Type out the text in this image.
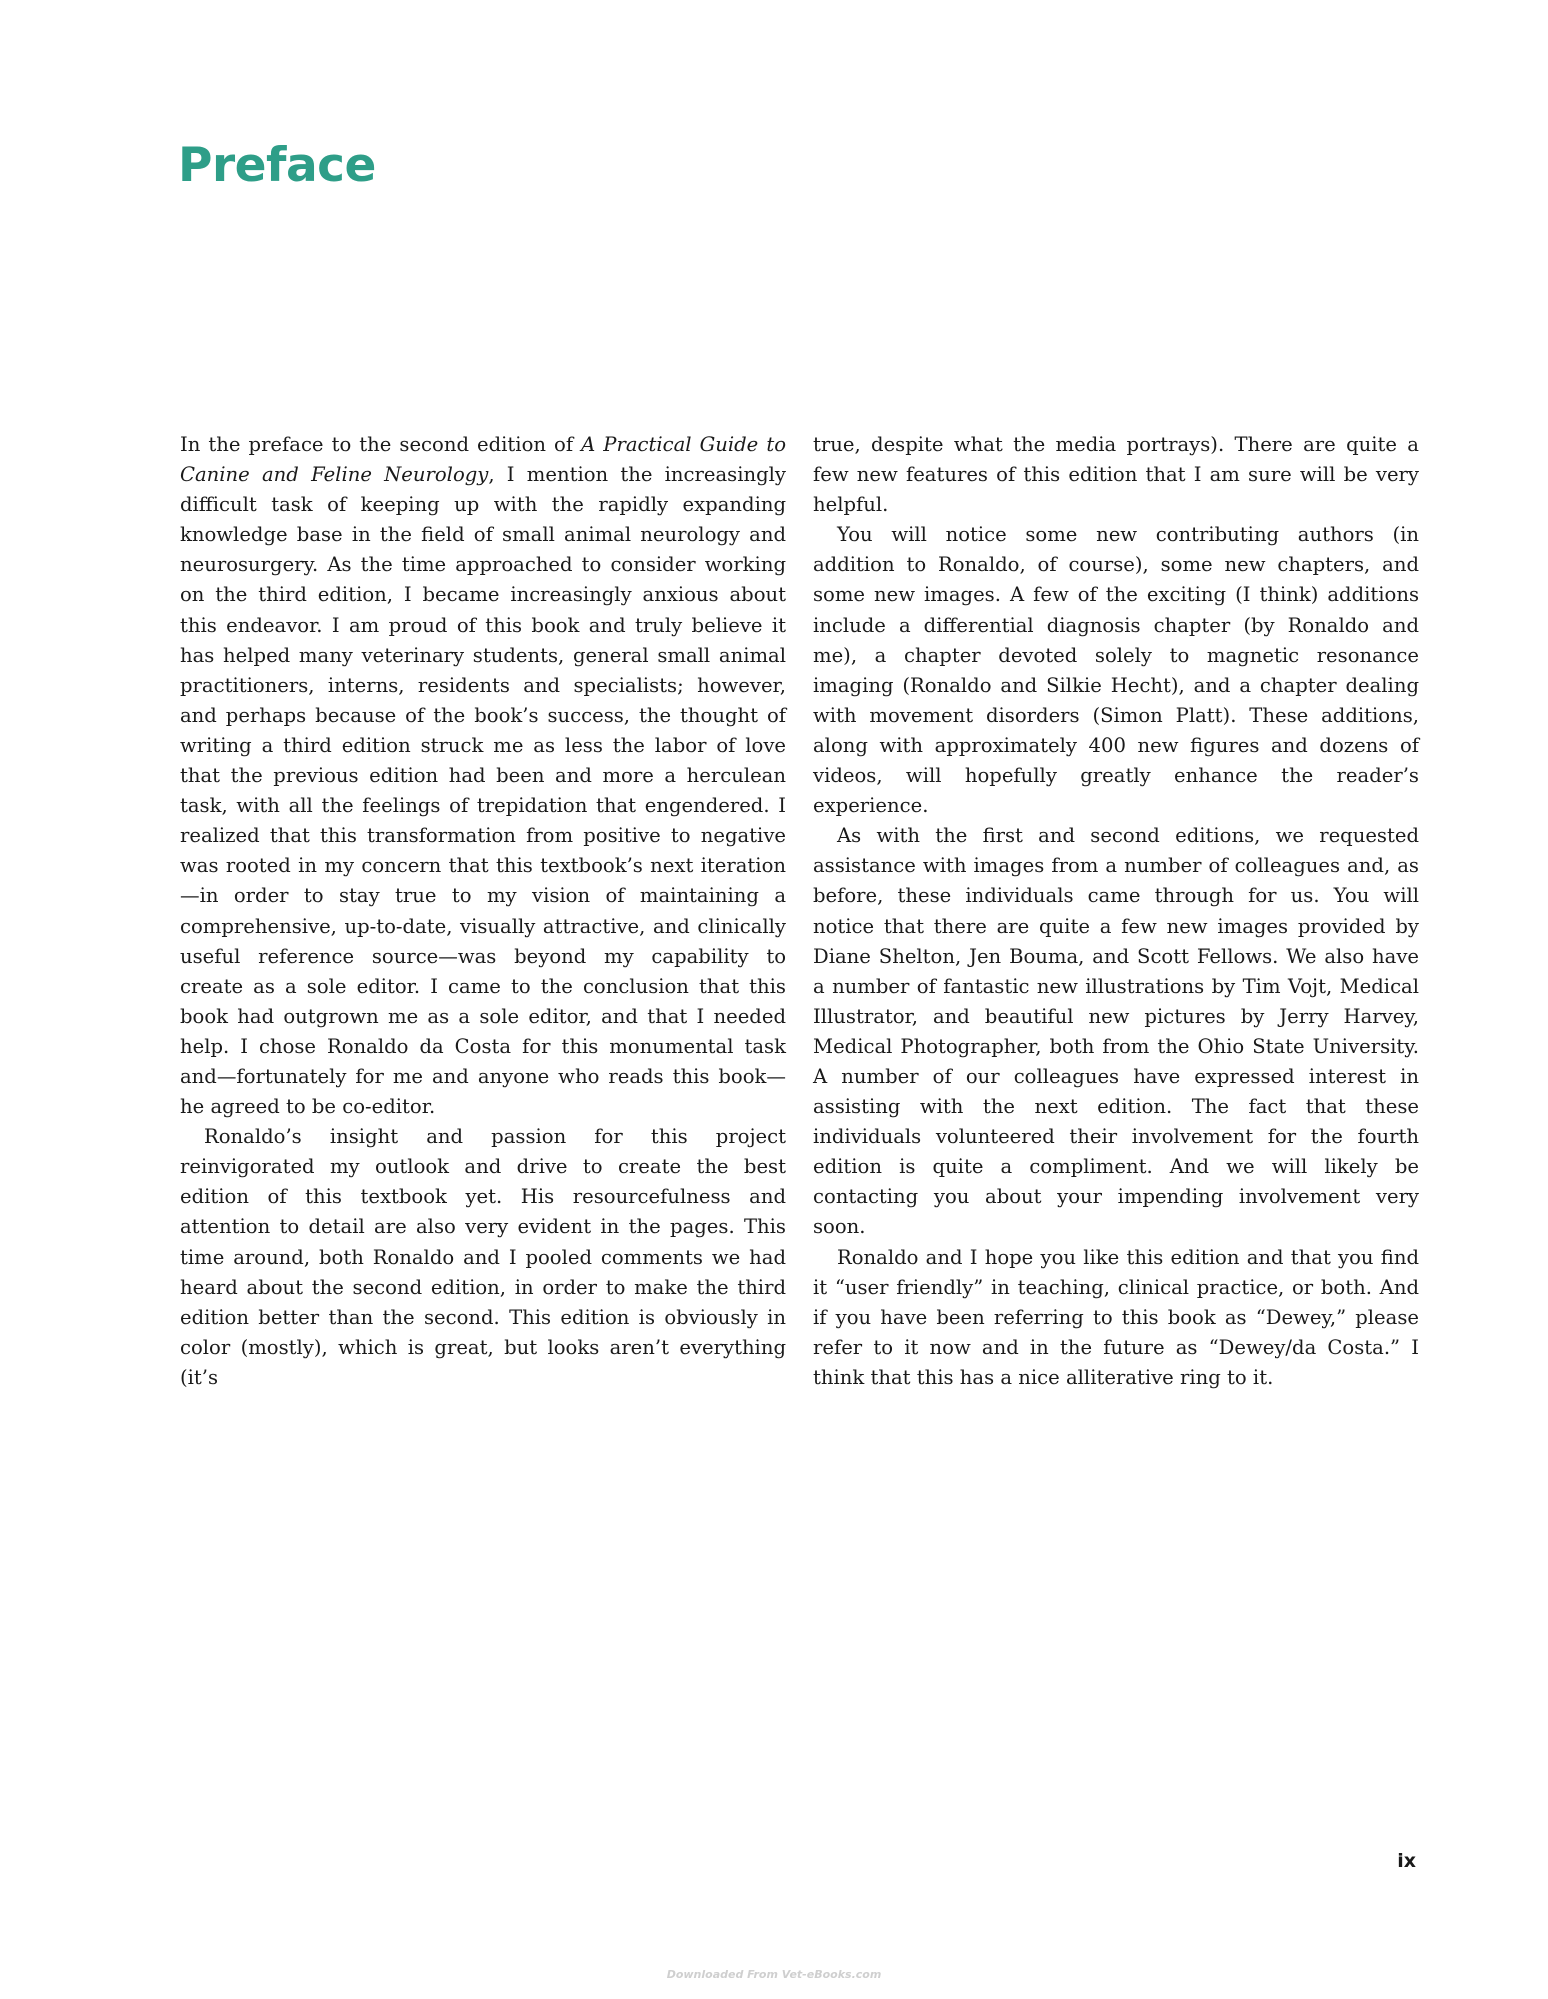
Preface

In the preface to the second edition of A Practical Guide to Canine and Feline Neurology, I mention the increasingly difficult task of keeping up with the rapidly expanding knowledge base in the field of small animal neurology and neurosurgery. As the time approached to consider working on the third edition, I became increasingly anxious about this endeavor. I am proud of this book and truly believe it has helped many veterinary students, general small animal practitioners, interns, residents and specialists; however, and perhaps because of the book’s success, the thought of writing a third edition struck me as less the labor of love that the previous edition had been and more a herculean task, with all the feelings of trepidation that engendered. I realized that this transformation from positive to negative was rooted in my concern that this textbook’s next iteration—in order to stay true to my vision of maintaining a comprehensive, up-to-date, visually attractive, and clinically useful reference source—was beyond my capability to create as a sole editor. I came to the conclusion that this book had outgrown me as a sole editor, and that I needed help. I chose Ronaldo da Costa for this monumental task and—fortunately for me and anyone who reads this book—he agreed to be co-editor.

Ronaldo’s insight and passion for this project reinvigorated my outlook and drive to create the best edition of this textbook yet. His resourcefulness and attention to detail are also very evident in the pages. This time around, both Ronaldo and I pooled comments we had heard about the second edition, in order to make the third edition better than the second. This edition is obviously in color (mostly), which is great, but looks aren’t everything (it’s

true, despite what the media portrays). There are quite a few new features of this edition that I am sure will be very helpful.

You will notice some new contributing authors (in addition to Ronaldo, of course), some new chapters, and some new images. A few of the exciting (I think) additions include a differential diagnosis chapter (by Ronaldo and me), a chapter devoted solely to magnetic resonance imaging (Ronaldo and Silkie Hecht), and a chapter dealing with movement disorders (Simon Platt). These additions, along with approximately 400 new figures and dozens of videos, will hopefully greatly enhance the reader’s experience.

As with the first and second editions, we requested assistance with images from a number of colleagues and, as before, these individuals came through for us. You will notice that there are quite a few new images provided by Diane Shelton, Jen Bouma, and Scott Fellows. We also have a number of fantastic new illustrations by Tim Vojt, Medical Illustrator, and beautiful new pictures by Jerry Harvey, Medical Photographer, both from the Ohio State University. A number of our colleagues have expressed interest in assisting with the next edition. The fact that these individuals volunteered their involvement for the fourth edition is quite a compliment. And we will likely be contacting you about your impending involvement very soon.

Ronaldo and I hope you like this edition and that you find it “user friendly” in teaching, clinical practice, or both. And if you have been referring to this book as “Dewey,” please refer to it now and in the future as “Dewey/da Costa.” I think that this has a nice alliterative ring to it.

ix
Downloaded From Vet-eBooks.com
